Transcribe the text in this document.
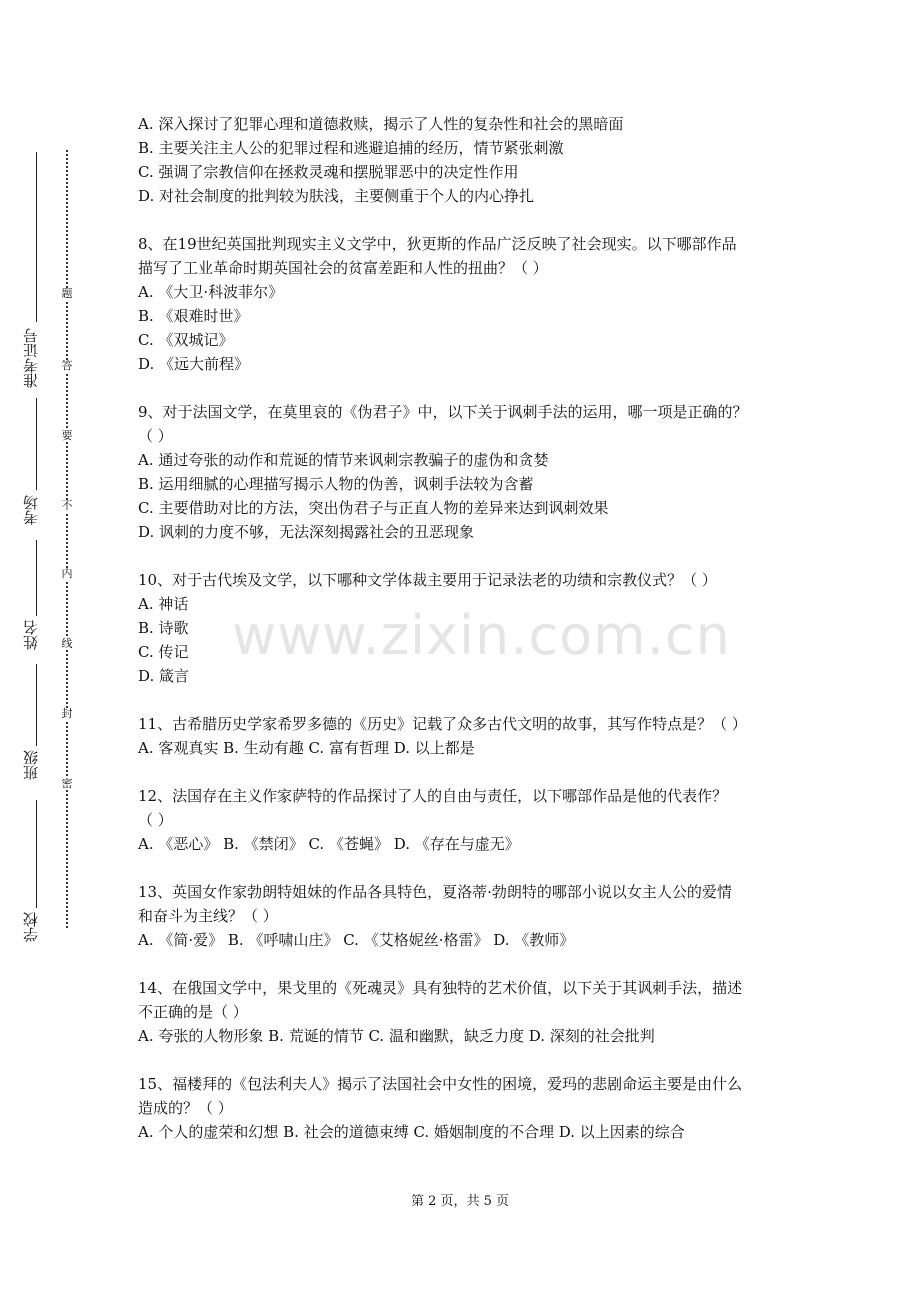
准考证号
考场
姓名
班级
学校
题
答
要
不
内
线
封
密
A. 深入探讨了犯罪心理和道德救赎，揭示了人性的复杂性和社会的黑暗面
B. 主要关注主人公的犯罪过程和逃避追捕的经历，情节紧张刺激
C. 强调了宗教信仰在拯救灵魂和摆脱罪恶中的决定性作用
D. 对社会制度的批判较为肤浅，主要侧重于个人的内心挣扎
8、在19世纪英国批判现实主义文学中，狄更斯的作品广泛反映了社会现实。以下哪部作品
描写了工业革命时期英国社会的贫富差距和人性的扭曲？（ ）
A. 《大卫·科波菲尔》
B. 《艰难时世》
C. 《双城记》
D. 《远大前程》
9、对于法国文学，在莫里哀的《伪君子》中，以下关于讽刺手法的运用，哪一项是正确的？
（ ）
A. 通过夸张的动作和荒诞的情节来讽刺宗教骗子的虚伪和贪婪
B. 运用细腻的心理描写揭示人物的伪善，讽刺手法较为含蓄
C. 主要借助对比的方法，突出伪君子与正直人物的差异来达到讽刺效果
D. 讽刺的力度不够，无法深刻揭露社会的丑恶现象
10、对于古代埃及文学，以下哪种文学体裁主要用于记录法老的功绩和宗教仪式？（ ）
A. 神话
B. 诗歌
C. 传记
D. 箴言
11、古希腊历史学家希罗多德的《历史》记载了众多古代文明的故事，其写作特点是？（ ）
A. 客观真实 B. 生动有趣 C. 富有哲理 D. 以上都是
12、法国存在主义作家萨特的作品探讨了人的自由与责任，以下哪部作品是他的代表作？
（ ）
A. 《恶心》 B. 《禁闭》 C. 《苍蝇》 D. 《存在与虚无》
13、英国女作家勃朗特姐妹的作品各具特色，夏洛蒂·勃朗特的哪部小说以女主人公的爱情
和奋斗为主线？（ ）
A. 《简·爱》 B. 《呼啸山庄》 C. 《艾格妮丝·格雷》 D. 《教师》
14、在俄国文学中，果戈里的《死魂灵》具有独特的艺术价值，以下关于其讽刺手法，描述
不正确的是（ ）
A. 夸张的人物形象 B. 荒诞的情节 C. 温和幽默，缺乏力度 D. 深刻的社会批判
15、福楼拜的《包法利夫人》揭示了法国社会中女性的困境，爱玛的悲剧命运主要是由什么
造成的？（ ）
A. 个人的虚荣和幻想 B. 社会的道德束缚 C. 婚姻制度的不合理 D. 以上因素的综合
www.zixin.com.cn
第 2 页，共 5 页
